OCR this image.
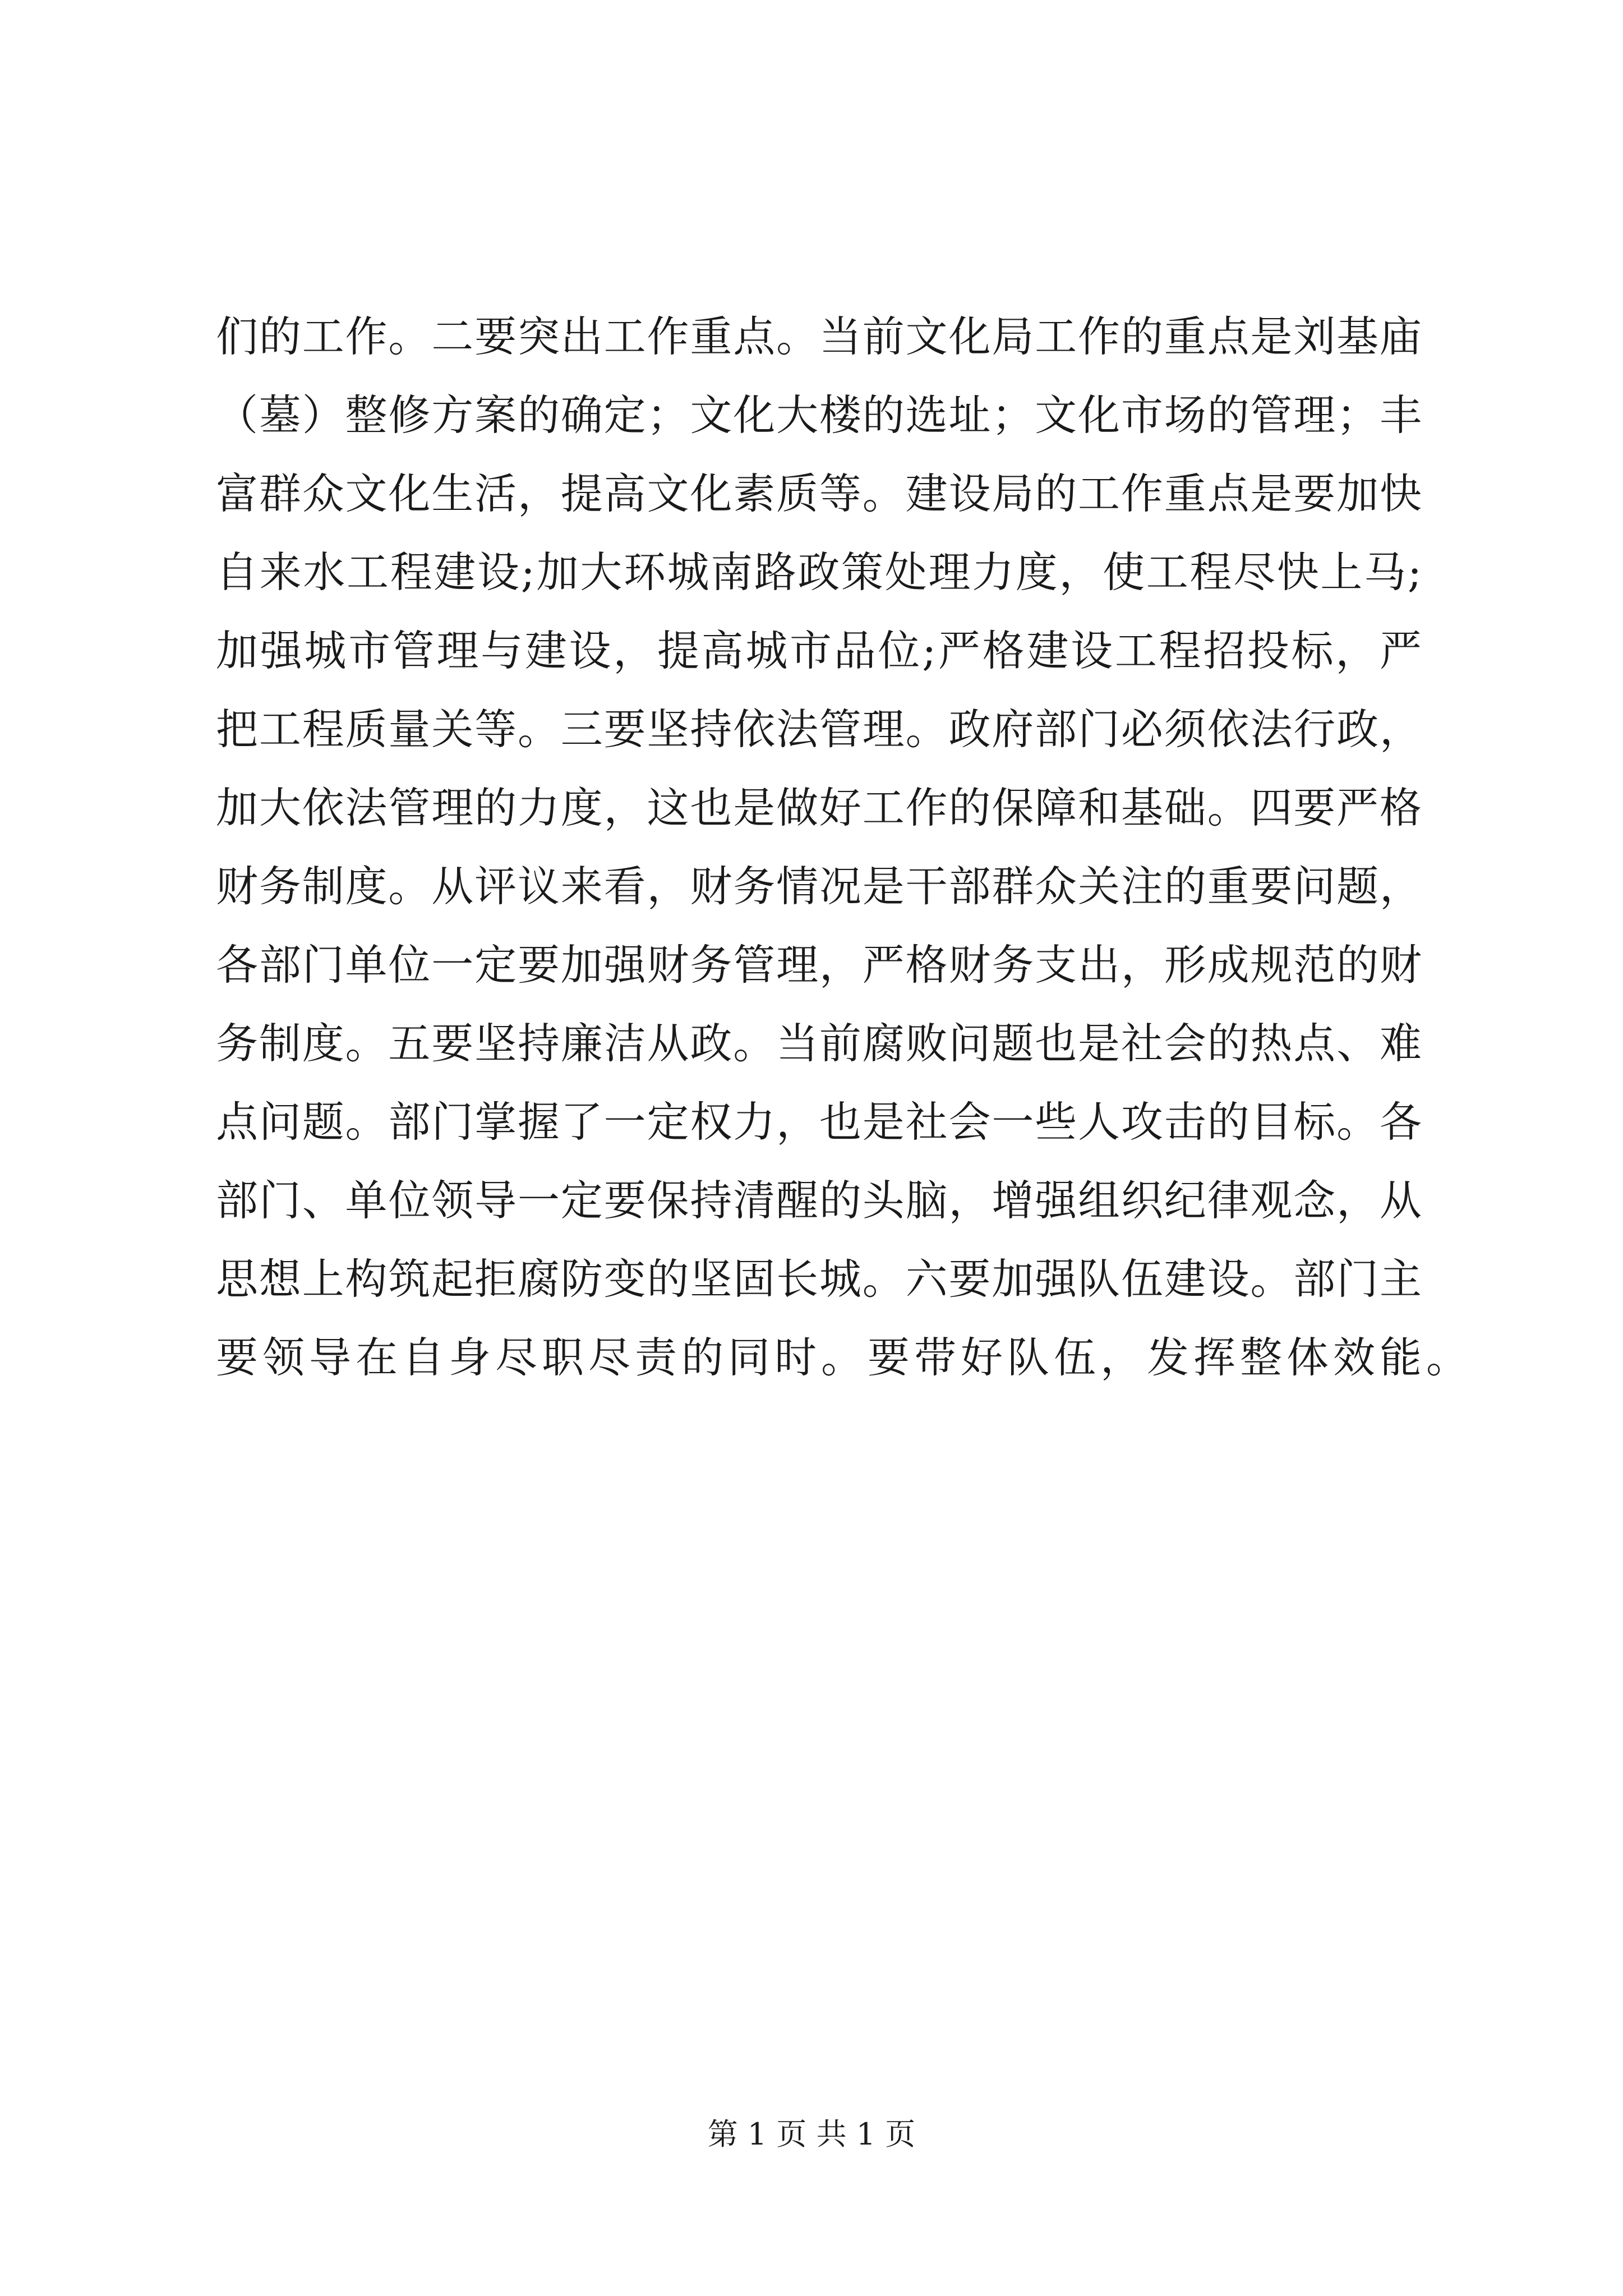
们的工作。二要突出工作重点。当前文化局工作的重点是刘基庙
（墓）整修方案的确定；文化大楼的选址；文化市场的管理；丰
富群众文化生活，提高文化素质等。建设局的工作重点是要加快
自来水工程建设;加大环城南路政策处理力度，使工程尽快上马;
加强城市管理与建设，提高城市品位;严格建设工程招投标，严
把工程质量关等。三要坚持依法管理。政府部门必须依法行政，
加大依法管理的力度，这也是做好工作的保障和基础。四要严格
财务制度。从评议来看，财务情况是干部群众关注的重要问题，
各部门单位一定要加强财务管理，严格财务支出，形成规范的财
务制度。五要坚持廉洁从政。当前腐败问题也是社会的热点、难
点问题。部门掌握了一定权力，也是社会一些人攻击的目标。各
部门、单位领导一定要保持清醒的头脑，增强组织纪律观念，从
思想上构筑起拒腐防变的坚固长城。六要加强队伍建设。部门主
要领导在自身尽职尽责的同时。要带好队伍，发挥整体效能。
第 1 页 共 1 页
